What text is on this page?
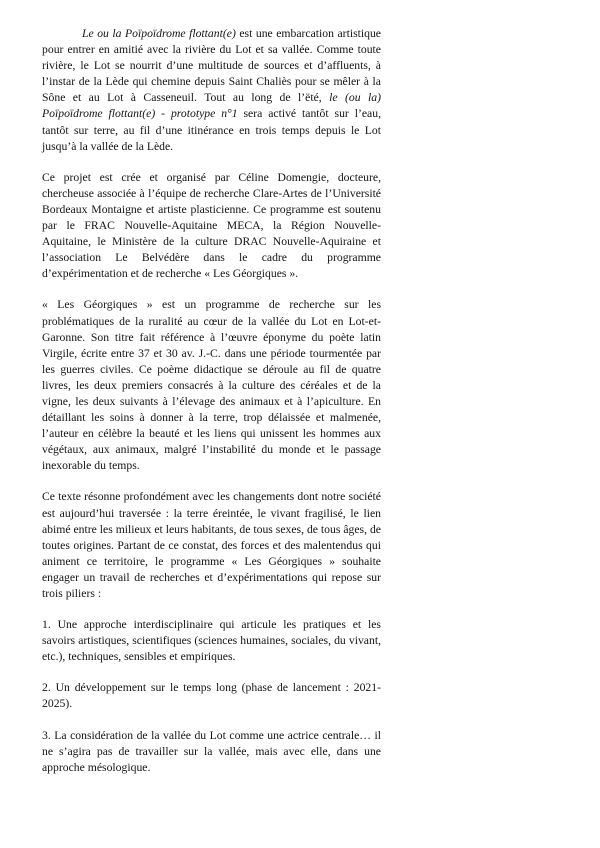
Le ou la Poïpoïdrome flottant(e) est une embarcation artistique pour entrer en amitié avec la rivière du Lot et sa vallée. Comme toute rivière, le Lot se nourrit d’une multitude de sources et d’affluents, à l’instar de la Lède qui chemine depuis Saint Chaliès pour se mêler à la Sône et au Lot à Casseneuil. Tout au long de l’ëté, le (ou la) Poïpoïdrome flottant(e) - prototype n°1 sera activé tantôt sur l’eau, tantôt sur terre, au fil d’une itinérance en trois temps depuis le Lot jusqu’à la vallée de la Lède.

Ce projet est crée et organisé par Céline Domengie, docteure, chercheuse associée à l’équipe de recherche Clare-Artes de l’Université Bordeaux Montaigne et artiste plasticienne. Ce programme est soutenu par le FRAC Nouvelle-Aquitaine MECA, la Région Nouvelle-Aquitaine, le Ministère de la culture DRAC Nouvelle-Aquiraine et l’association Le Belvédère dans le cadre du programme d’expérimentation et de recherche « Les Géorgiques ».

« Les Géorgiques » est un programme de recherche sur les problématiques de la ruralité au cœur de la vallée du Lot en Lot-et-Garonne. Son titre fait référence à l’œuvre éponyme du poète latin Virgile, écrite entre 37 et 30 av. J.-C. dans une période tourmentée par les guerres civiles. Ce poème didactique se déroule au fil de quatre livres, les deux premiers consacrés à la culture des céréales et de la vigne, les deux suivants à l’élevage des animaux et à l’apiculture. En détaillant les soins à donner à la terre, trop délaissée et malmenée, l’auteur en célèbre la beauté et les liens qui unissent les hommes aux végétaux, aux animaux, malgré l’instabilité du monde et le passage inexorable du temps.

Ce texte résonne profondément avec les changements dont notre société est aujourd’hui traversée : la terre éreintée, le vivant fragilisé, le lien abimé entre les milieux et leurs habitants, de tous sexes, de tous âges, de toutes origines. Partant de ce constat, des forces et des malentendus qui animent ce territoire, le programme « Les Géorgiques » souhaite engager un travail de recherches et d’expérimentations qui repose sur trois piliers :

1. Une approche interdisciplinaire qui articule les pratiques et les savoirs artistiques, scientifiques (sciences humaines, sociales, du vivant, etc.), techniques, sensibles et empiriques.

2. Un développement sur le temps long (phase de lancement : 2021-2025).

3. La considération de la vallée du Lot comme une actrice centrale… il ne s’agira pas de travailler sur la vallée, mais avec elle, dans une approche mésologique.
